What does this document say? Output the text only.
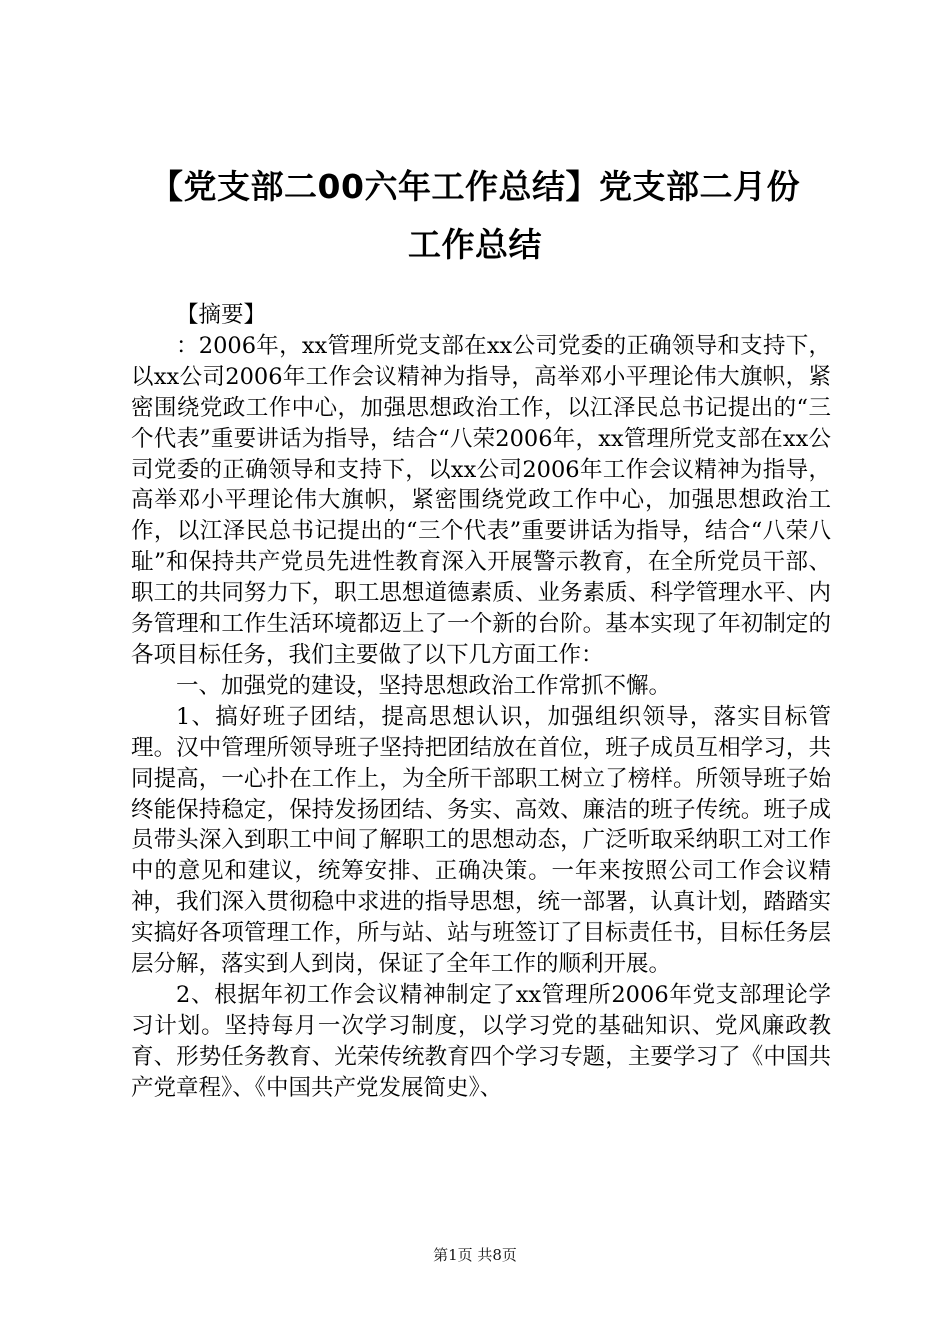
【党支部二00六年工作总结】党支部二月份
工作总结

【摘要】

：2006年，xx管理所党支部在xx公司党委的正确领导和支持下，以xx公司2006年工作会议精神为指导，高举邓小平理论伟大旗帜，紧密围绕党政工作中心，加强思想政治工作，以江泽民总书记提出的“三个代表”重要讲话为指导，结合“八荣2006年，xx管理所党支部在xx公司党委的正确领导和支持下，以xx公司2006年工作会议精神为指导，高举邓小平理论伟大旗帜，紧密围绕党政工作中心，加强思想政治工作，以江泽民总书记提出的“三个代表”重要讲话为指导，结合“八荣八耻”和保持共产党员先进性教育深入开展警示教育，在全所党员干部、职工的共同努力下，职工思想道德素质、业务素质、科学管理水平、内务管理和工作生活环境都迈上了一个新的台阶。基本实现了年初制定的各项目标任务，我们主要做了以下几方面工作：

一、加强党的建设，坚持思想政治工作常抓不懈。

1、搞好班子团结，提高思想认识，加强组织领导，落实目标管理。汉中管理所领导班子坚持把团结放在首位，班子成员互相学习，共同提高，一心扑在工作上，为全所干部职工树立了榜样。所领导班子始终能保持稳定，保持发扬团结、务实、高效、廉洁的班子传统。班子成员带头深入到职工中间了解职工的思想动态，广泛听取采纳职工对工作中的意见和建议，统筹安排、正确决策。一年来按照公司工作会议精神，我们深入贯彻稳中求进的指导思想，统一部署，认真计划，踏踏实实搞好各项管理工作，所与站、站与班签订了目标责任书，目标任务层层分解，落实到人到岗，保证了全年工作的顺利开展。

2、根据年初工作会议精神制定了xx管理所2006年党支部理论学习计划。坚持每月一次学习制度，以学习党的基础知识、党风廉政教育、形势任务教育、光荣传统教育四个学习专题，主要学习了《中国共产党章程》、《中国共产党发展简史》、

第1页 共8页
